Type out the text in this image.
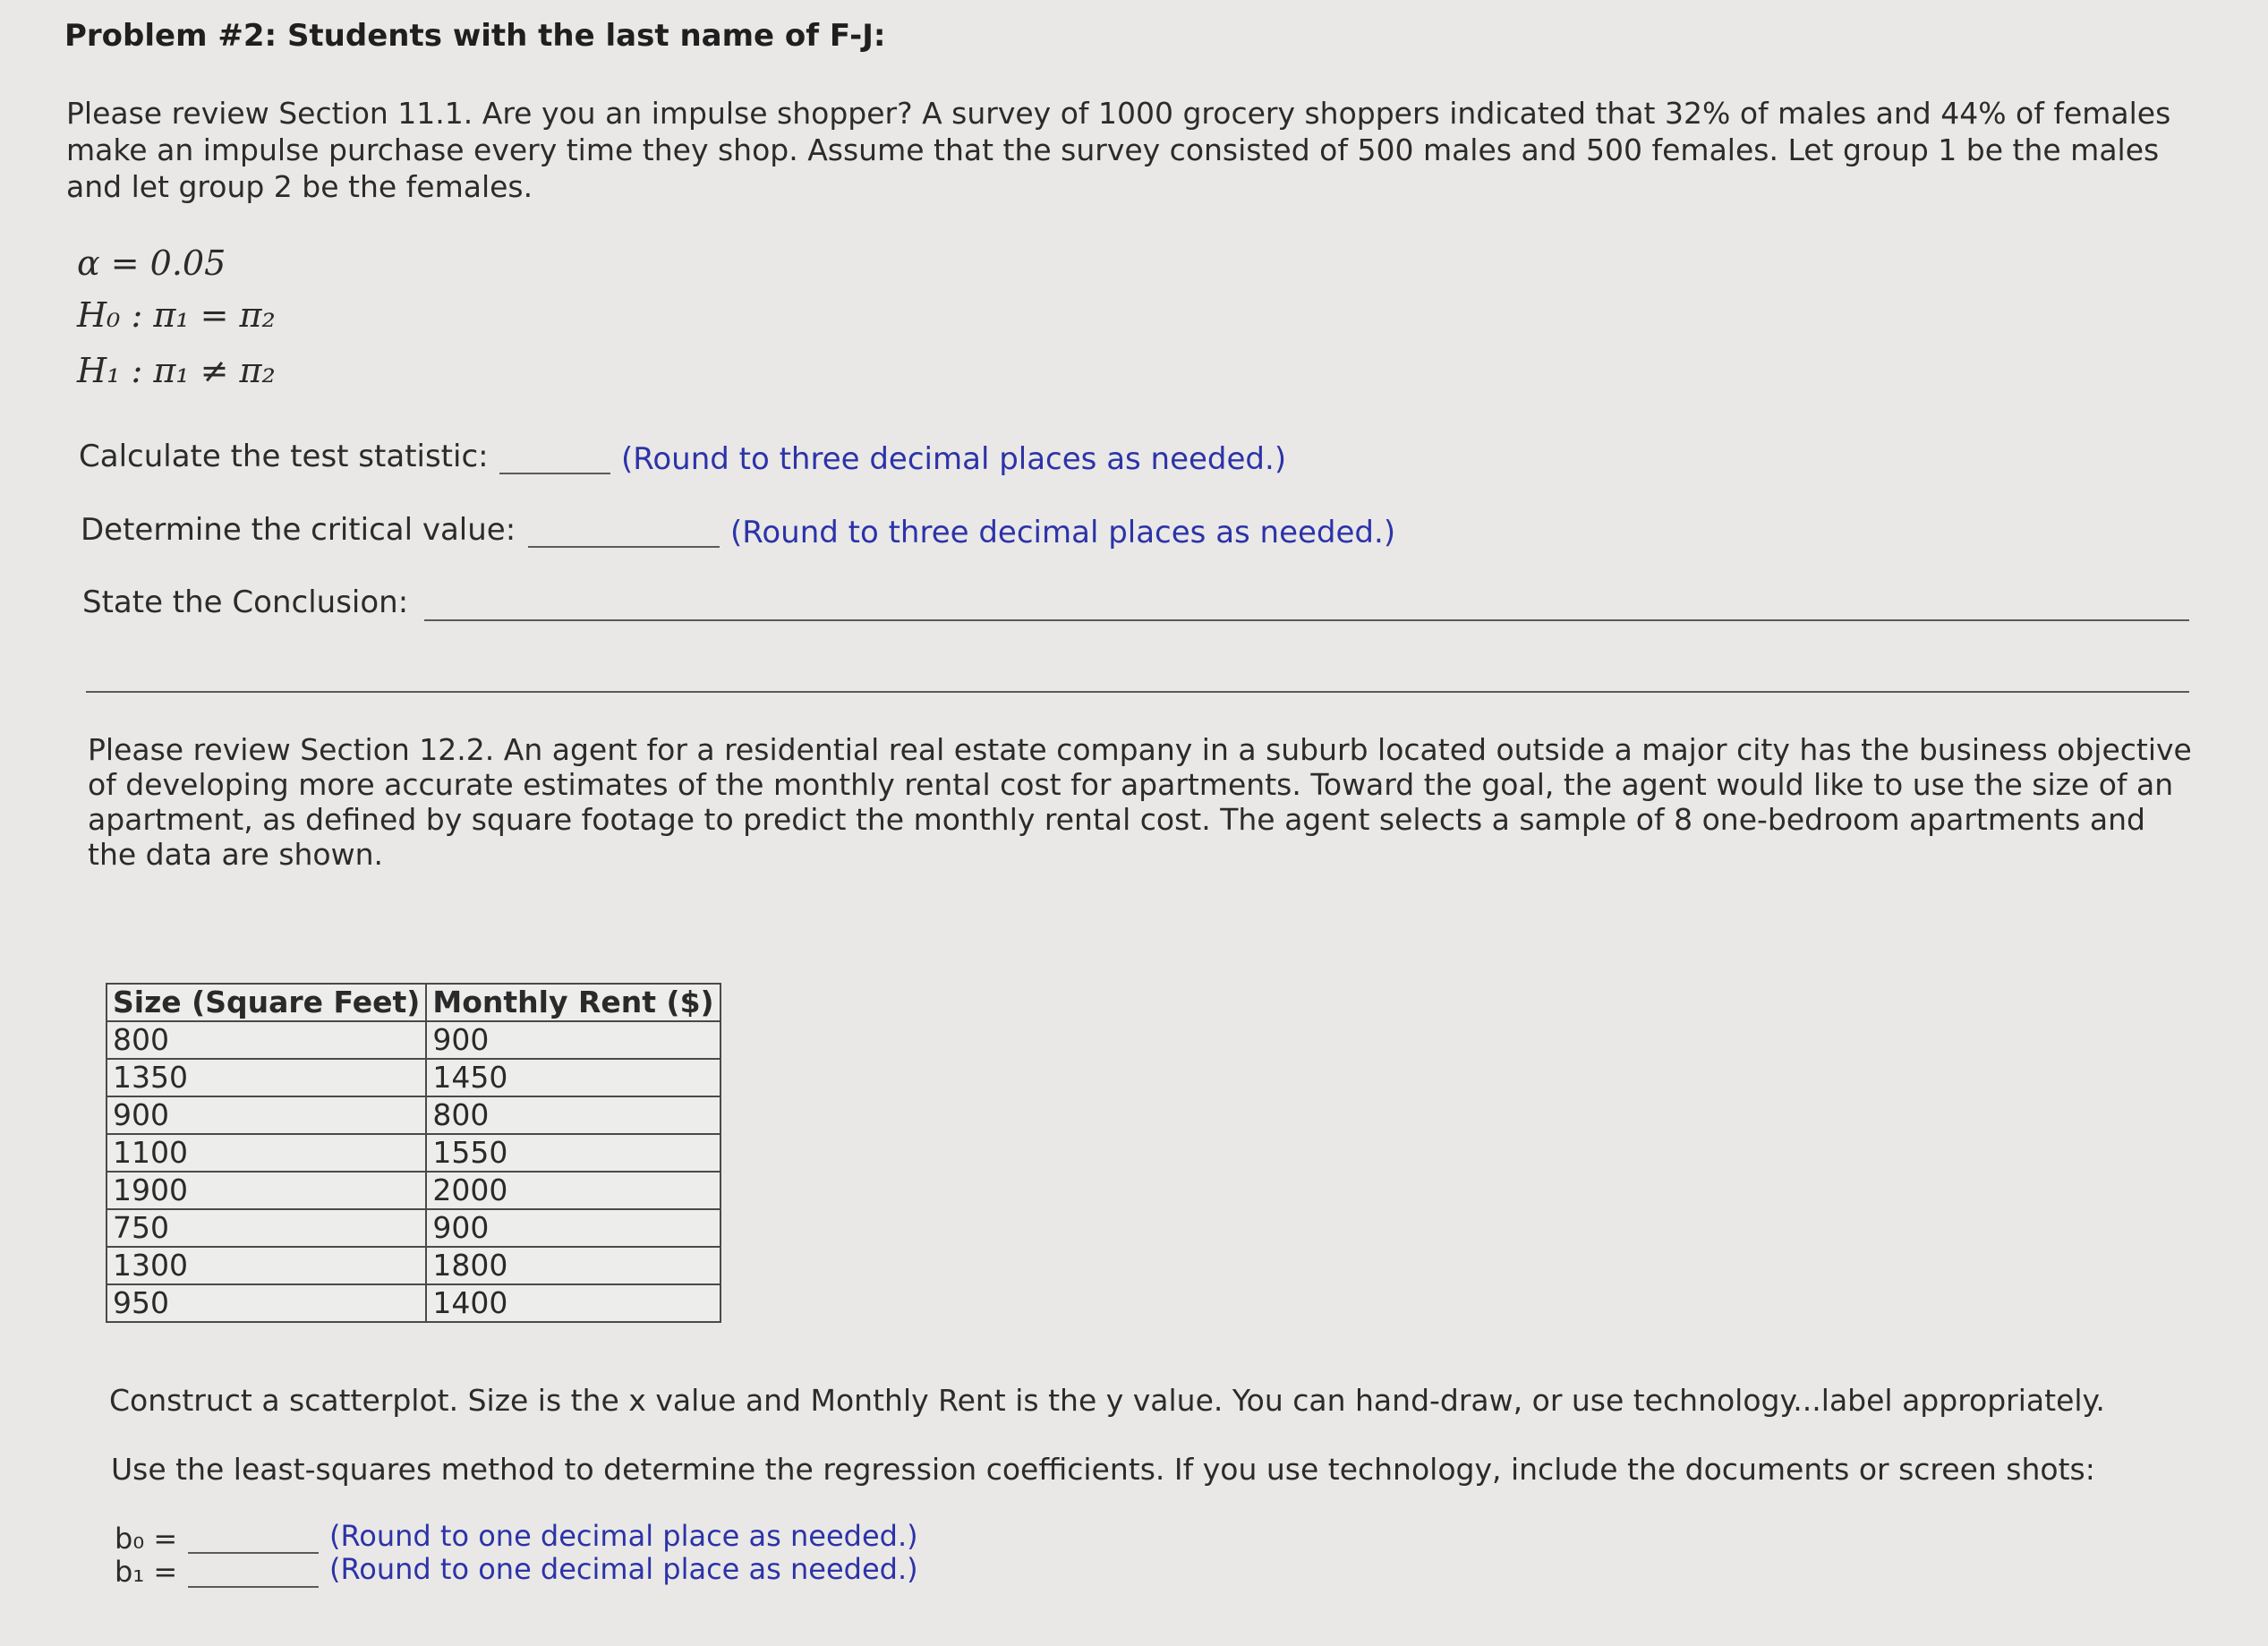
Problem #2: Students with the last name of F-J:
Please review Section 11.1. Are you an impulse shopper? A survey of 1000 grocery shoppers indicated that 32% of males and 44% of females make an impulse purchase every time they shop. Assume that the survey consisted of 500 males and 500 females. Let group 1 be the males and let group 2 be the females.
α = 0.05
H₀ : π₁ = π₂
H₁ : π₁ ≠ π₂
Calculate the test statistic:	(Round to three decimal places as needed.)
Determine the critical value:	(Round to three decimal places as needed.)
State the Conclusion:
Please review Section 12.2. An agent for a residential real estate company in a suburb located outside a major city has the business objective of developing more accurate estimates of the monthly rental cost for apartments. Toward the goal, the agent would like to use the size of an apartment, as defined by square footage to predict the monthly rental cost. The agent selects a sample of 8 one-bedroom apartments and the data are shown.
Size (Square Feet)	Monthly Rent ($)
800	900
1350	1450
900	800
1100	1550
1900	2000
750	900
1300	1800
950	1400
Construct a scatterplot. Size is the x value and Monthly Rent is the y value. You can hand-draw, or use technology...label appropriately.
Use the least-squares method to determine the regression coefficients. If you use technology, include the documents or screen shots:
b₀ =	(Round to one decimal place as needed.)
b₁ =	(Round to one decimal place as needed.)
